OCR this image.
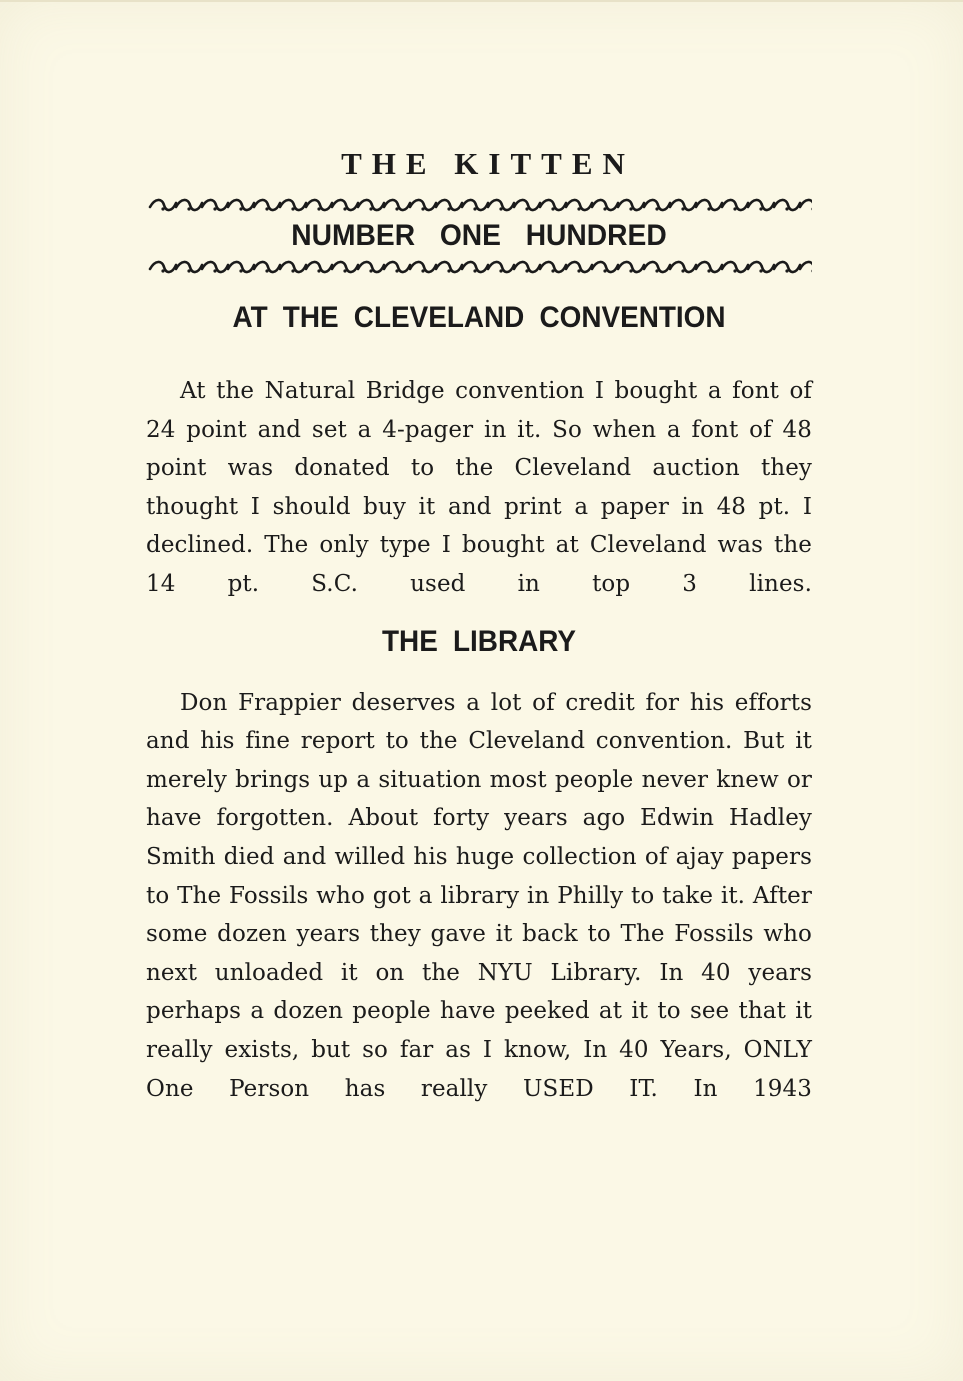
THE KITTEN
NUMBER ONE HUNDRED
AT THE CLEVELAND CONVENTION

At the Natural Bridge convention I bought a font of 24 point and set a 4-pager in it. So when a font of 48 point was donated to the Cleveland auction they thought I should buy it and print a paper in 48 pt. I declined. The only type I bought at Cleveland was the 14 pt. S.C. used in top 3 lines.

THE LIBRARY

Don Frappier deserves a lot of credit for his efforts and his fine report to the Cleveland convention. But it merely brings up a situation most people never knew or have forgotten. About forty years ago Edwin Hadley Smith died and willed his huge collection of ajay papers to The Fossils who got a library in Philly to take it. After some dozen years they gave it back to The Fossils who next unloaded it on the NYU Library. In 40 years perhaps a dozen people have peeked at it to see that it really exists, but so far as I know, In 40 Years, ONLY One Person has really USED IT. In 1943
